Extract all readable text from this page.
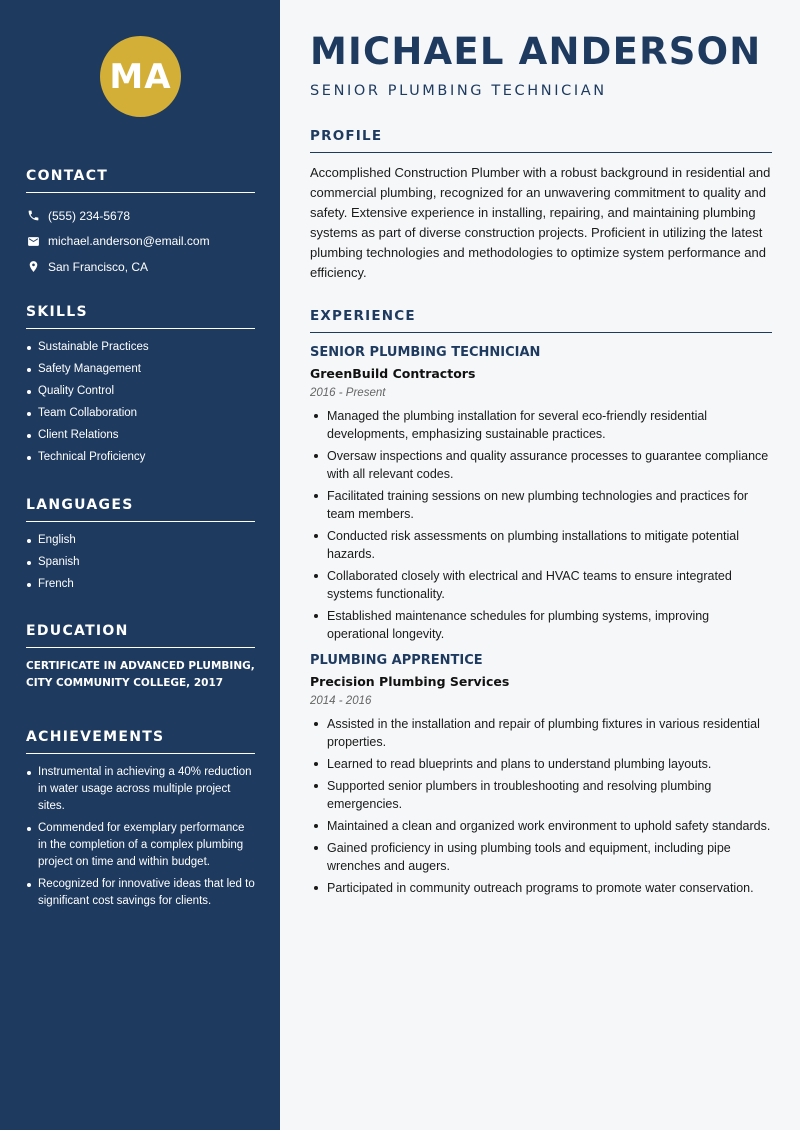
MA
CONTACT
(555) 234-5678
michael.anderson@email.com
San Francisco, CA
SKILLS
Sustainable Practices
Safety Management
Quality Control
Team Collaboration
Client Relations
Technical Proficiency
LANGUAGES
English
Spanish
French
EDUCATION
CERTIFICATE IN ADVANCED PLUMBING,
CITY COMMUNITY COLLEGE, 2017
ACHIEVEMENTS
Instrumental in achieving a 40% reduction in water usage across multiple project sites.
Commended for exemplary performance in the completion of a complex plumbing project on time and within budget.
Recognized for innovative ideas that led to significant cost savings for clients.
MICHAEL ANDERSON
SENIOR PLUMBING TECHNICIAN
PROFILE
Accomplished Construction Plumber with a robust background in residential and commercial plumbing, recognized for an unwavering commitment to quality and safety. Extensive experience in installing, repairing, and maintaining plumbing systems as part of diverse construction projects. Proficient in utilizing the latest plumbing technologies and methodologies to optimize system performance and efficiency.
EXPERIENCE
SENIOR PLUMBING TECHNICIAN
GreenBuild Contractors
2016 - Present
Managed the plumbing installation for several eco-friendly residential developments, emphasizing sustainable practices.
Oversaw inspections and quality assurance processes to guarantee compliance with all relevant codes.
Facilitated training sessions on new plumbing technologies and practices for team members.
Conducted risk assessments on plumbing installations to mitigate potential hazards.
Collaborated closely with electrical and HVAC teams to ensure integrated systems functionality.
Established maintenance schedules for plumbing systems, improving operational longevity.
PLUMBING APPRENTICE
Precision Plumbing Services
2014 - 2016
Assisted in the installation and repair of plumbing fixtures in various residential properties.
Learned to read blueprints and plans to understand plumbing layouts.
Supported senior plumbers in troubleshooting and resolving plumbing emergencies.
Maintained a clean and organized work environment to uphold safety standards.
Gained proficiency in using plumbing tools and equipment, including pipe wrenches and augers.
Participated in community outreach programs to promote water conservation.
